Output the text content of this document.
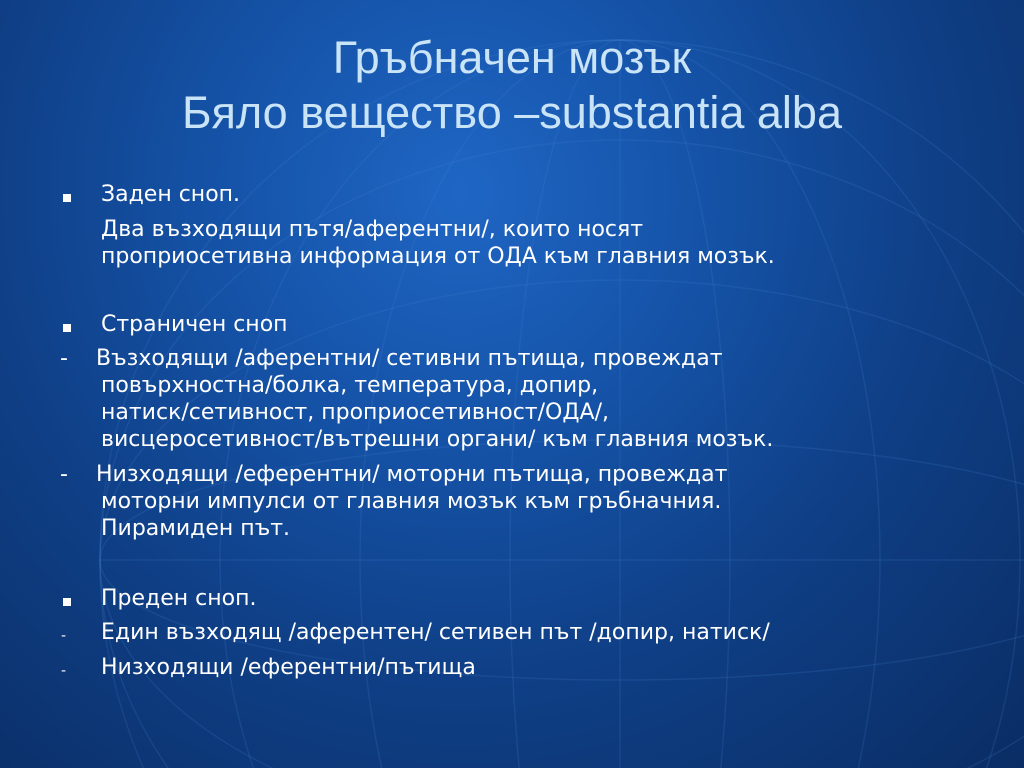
Гръбначен мозък
Бяло вещество –substantia alba
Заден сноп.
Два възходящи пътя/аферентни/, които носят
проприосетивна информация от ОДА към главния мозък.
Страничен сноп
- Възходящи /аферентни/ сетивни пътища, провеждат
повърхностна/болка, температура, допир,
натиск/сетивност, проприосетивност/ОДА/,
висцеросетивност/вътрешни органи/ към главния мозък.
- Низходящи /еферентни/ моторни пътища, провеждат
моторни импулси от главния мозък към гръбначния.
Пирамиден път.
Преден сноп.
- Един възходящ /аферентен/ сетивен път /допир, натиск/
- Низходящи /еферентни/пътища
